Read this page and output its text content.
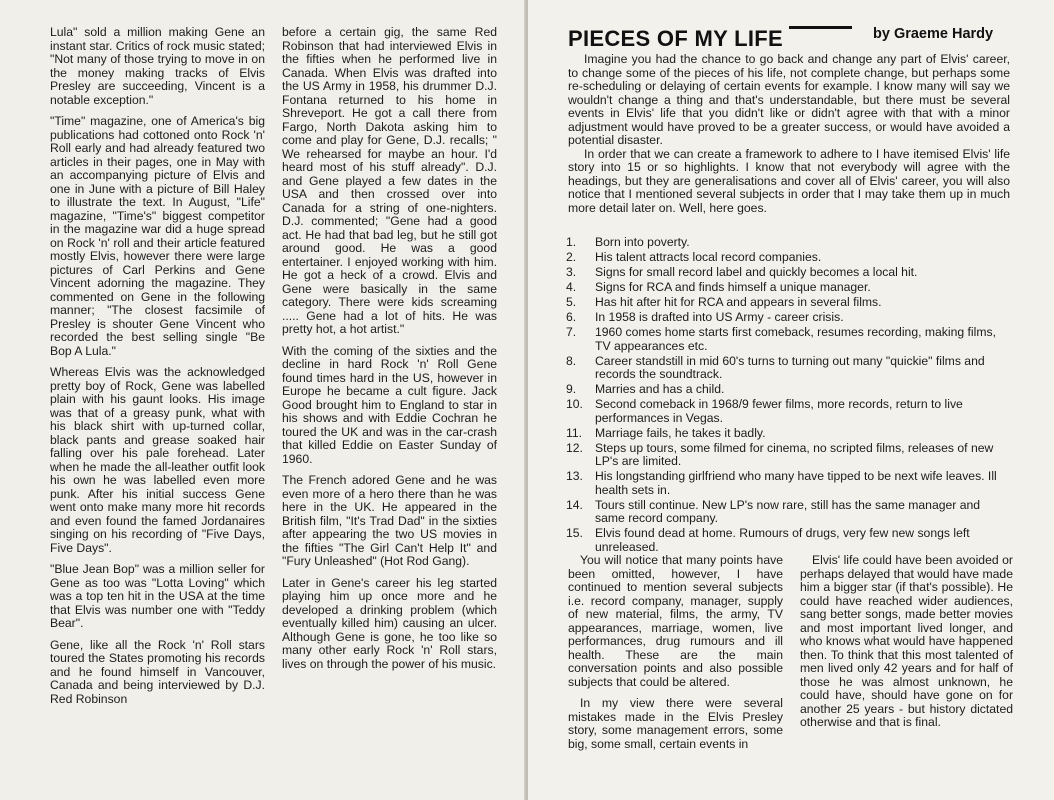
Lula" sold a million making Gene an instant star. Critics of rock music stated; "Not many of those trying to move in on the money making tracks of Elvis Presley are succeeding, Vincent is a notable exception."

"Time" magazine, one of America's big publications had cottoned onto Rock 'n' Roll early and had already featured two articles in their pages, one in May with an accompanying picture of Elvis and one in June with a picture of Bill Haley to illustrate the text. In August, "Life" magazine, "Time's" biggest competitor in the magazine war did a huge spread on Rock 'n' roll and their article featured mostly Elvis, however there were large pictures of Carl Perkins and Gene Vincent adorning the magazine. They commented on Gene in the following manner; "The closest facsimile of Presley is shouter Gene Vincent who recorded the best selling single "Be Bop A Lula."

Whereas Elvis was the acknowledged pretty boy of Rock, Gene was labelled plain with his gaunt looks. His image was that of a greasy punk, what with his black shirt with up-turned collar, black pants and grease soaked hair falling over his pale forehead. Later when he made the all-leather outfit look his own he was labelled even more punk. After his initial success Gene went onto make many more hit records and even found the famed Jordanaires singing on his recording of "Five Days, Five Days".

"Blue Jean Bop" was a million seller for Gene as too was "Lotta Loving" which was a top ten hit in the USA at the time that Elvis was number one with "Teddy Bear".

Gene, like all the Rock 'n' Roll stars toured the States promoting his records and he found himself in Vancouver, Canada and being interviewed by D.J. Red Robinson

before a certain gig, the same Red Robinson that had interviewed Elvis in the fifties when he performed live in Canada. When Elvis was drafted into the US Army in 1958, his drummer D.J. Fontana returned to his home in Shreveport. He got a call there from Fargo, North Dakota asking him to come and play for Gene, D.J. recalls; " We rehearsed for maybe an hour. I'd heard most of his stuff already". D.J. and Gene played a few dates in the USA and then crossed over into Canada for a string of one-nighters. D.J. commented; "Gene had a good act. He had that bad leg, but he still got around good. He was a good entertainer. I enjoyed working with him. He got a heck of a crowd. Elvis and Gene were basically in the same category. There were kids screaming ..... Gene had a lot of hits. He was pretty hot, a hot artist."

With the coming of the sixties and the decline in hard Rock 'n' Roll Gene found times hard in the US, however in Europe he became a cult figure. Jack Good brought him to England to star in his shows and with Eddie Cochran he toured the UK and was in the car-crash that killed Eddie on Easter Sunday of 1960.

The French adored Gene and he was even more of a hero there than he was here in the UK. He appeared in the British film, "It's Trad Dad" in the sixties after appearing the two US movies in the fifties "The Girl Can't Help It" and "Fury Unleashed" (Hot Rod Gang).

Later in Gene's career his leg started playing him up once more and he developed a drinking problem (which eventually killed him) causing an ulcer. Although Gene is gone, he too like so many other early Rock 'n' Roll stars, lives on through the power of his music.

PIECES OF MY LIFE	by Graeme Hardy

Imagine you had the chance to go back and change any part of Elvis' career, to change some of the pieces of his life, not complete change, but perhaps some re-scheduling or delaying of certain events for example. I know many will say we wouldn't change a thing and that's understandable, but there must be several events in Elvis' life that you didn't like or didn't agree with that with a minor adjustment would have proved to be a greater success, or would have avoided a potential disaster.

In order that we can create a framework to adhere to I have itemised Elvis' life story into 15 or so highlights. I know that not everybody will agree with the headings, but they are generalisations and cover all of Elvis' career, you will also notice that I mentioned several subjects in order that I may take them up in much more detail later on. Well, here goes.

1.	Born into poverty.
2.	His talent attracts local record companies.
3.	Signs for small record label and quickly becomes a local hit.
4.	Signs for RCA and finds himself a unique manager.
5.	Has hit after hit for RCA and appears in several films.
6.	In 1958 is drafted into US Army - career crisis.
7.	1960 comes home starts first comeback, resumes recording, making films, TV appearances etc.
8.	Career standstill in mid 60's turns to turning out many "quickie" films and records the soundtrack.
9.	Marries and has a child.
10. Second comeback in 1968/9 fewer films, more records, return to live performances in Vegas.
11.	Marriage fails, he takes it badly.
12. Steps up tours, some filmed for cinema, no scripted films, releases of new LP's are limited.
13. His longstanding girlfriend who many have tipped to be next wife leaves. Ill health sets in.
14. Tours still continue. New LP's now rare, still has the same manager and same record company.
15. Elvis found dead at home. Rumours of drugs, very few new songs left unreleased.

You will notice that many points have been omitted, however, I have continued to mention several subjects i.e. record company, manager, supply of new material, films, the army, TV appearances, marriage, women, live performances, drug rumours and ill health. These are the main conversation points and also possible subjects that could be altered.

In my view there were several mistakes made in the Elvis Presley story, some management errors, some big, some small, certain events in

Elvis' life could have been avoided or perhaps delayed that would have made him a bigger star (if that's possible). He could have reached wider audiences, sang better songs, made better movies and most important lived longer, and who knows what would have happened then. To think that this most talented of men lived only 42 years and for half of those he was almost unknown, he could have, should have gone on for another 25 years - but history dictated otherwise and that is final.
